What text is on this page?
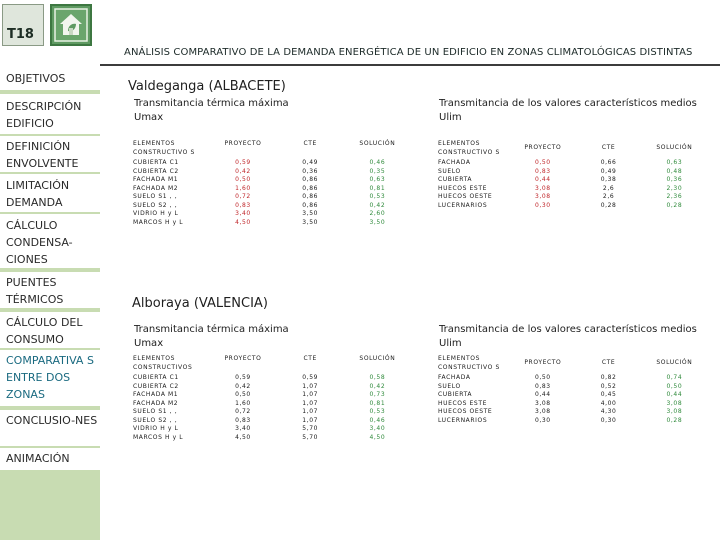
T18
ANÁLISIS COMPARATIVO DE LA DEMANDA ENERGÉTICA DE UN EDIFICIO EN ZONAS CLIMATOLÓGICAS DISTINTAS
OBJETIVOS
DESCRIPCIÓN EDIFICIO
DEFINICIÓN ENVOLVENTE
LIMITACIÓN DEMANDA
CÁLCULO CONDENSA-CIONES
PUENTES TÉRMICOS
CÁLCULO DEL CONSUMO
COMPARATIVA S ENTRE DOS ZONAS
CONCLUSIO-NES
ANIMACIÓN
Valdeganga (ALBACETE)
Transmitancia térmica máxima
Umax
Transmitancia de los valores característicos medios
Ulim
ELEMENTOS CONSTRUCTIVO S	PROYECTO	CTE	SOLUCIÓN
CUBIERTA C1	0,59	0,49	0,46
CUBIERTA C2	0,42	0,36	0,35
FACHADA M1	0,50	0,86	0,63
FACHADA M2	1,60	0,86	0,81
SUELO S1 , ,	0,72	0,86	0,53
SUELO S2 , ,	0,83	0,86	0,42
VIDRIO H y L	3,40	3,50	2,60
MARCOS H y L	4,50	3,50	3,50
ELEMENTOS CONSTRUCTIVO S	PROYECTO	CTE	SOLUCIÓN
FACHADA	0,50	0,66	0,63
SUELO	0,83	0,49	0,48
CUBIERTA	0,44	0,38	0,36
HUECOS ESTE	3,08	2,6	2,30
HUECOS OESTE	3,08	2,6	2,36
LUCERNARIOS	0,30	0,28	0,28
Alboraya (VALENCIA)
Transmitancia térmica máxima
Umax
Transmitancia de los valores característicos medios
Ulim
ELEMENTOS CONSTRUCTIVOS	PROYECTO	CTE	SOLUCIÓN
CUBIERTA C1	0,59	0,59	0,58
CUBIERTA C2	0,42	1,07	0,42
FACHADA M1	0,50	1,07	0,73
FACHADA M2	1,60	1,07	0,81
SUELO S1 , ,	0,72	1,07	0,53
SUELO S2 , ,	0,83	1,07	0,46
VIDRIO H y L	3,40	5,70	3,40
MARCOS H y L	4,50	5,70	4,50
ELEMENTOS CONSTRUCTIVO S	PROYECTO	CTE	SOLUCIÓN
FACHADA	0,50	0,82	0,74
SUELO	0,83	0,52	0,50
CUBIERTA	0,44	0,45	0,44
HUECOS ESTE	3,08	4,00	3,08
HUECOS OESTE	3,08	4,30	3,08
LUCERNARIOS	0,30	0,30	0,28
